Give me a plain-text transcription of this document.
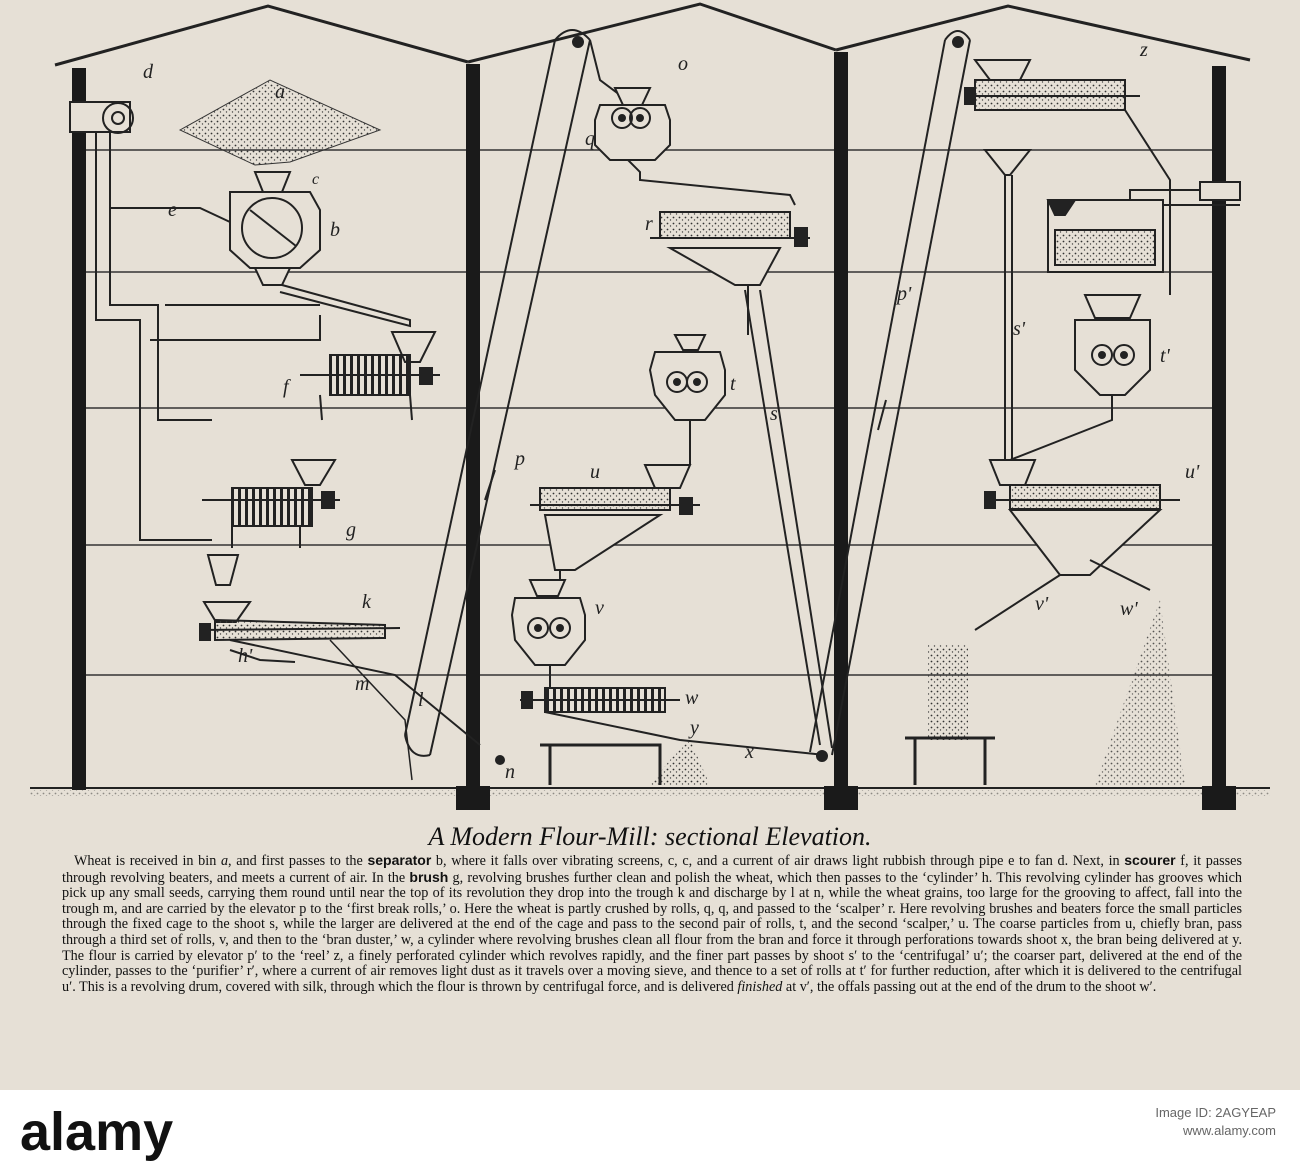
a
d
e
b
c
f
g
k
h'
m
l
n
p
o
q
r
s
t
u
v
w
y
x
p'
z
s'
t'
u'
v'	w'
A Modern Flour-Mill: sectional Elevation.
Wheat is received in bin a, and first passes to the separator b, where it falls over vibrating screens, c, c, and a current of air draws light rubbish through pipe e to fan d. Next, in scourer f, it passes through revolving beaters, and meets a current of air. In the brush g, revolving brushes further clean and polish the wheat, which then passes to the ‘cylinder’ h. This revolving cylinder has grooves which pick up any small seeds, carrying them round until near the top of its revolution they drop into the trough k and discharge by l at n, while the wheat grains, too large for the grooving to affect, fall into the trough m, and are carried by the elevator p to the ‘first break rolls,’ o. Here the wheat is partly crushed by rolls, q, q, and passed to the ‘scalper’ r. Here revolving brushes and beaters force the small particles through the fixed cage to the shoot s, while the larger are delivered at the end of the cage and pass to the second pair of rolls, t, and the second ‘scalper,’ u. The coarse particles from u, chiefly bran, pass through a third set of rolls, v, and then to the ‘bran duster,’ w, a cylinder where revolving brushes clean all flour from the bran and force it through perforations towards shoot x, the bran being delivered at y. The flour is carried by elevator p′ to the ‘reel’ z, a finely perforated cylinder which revolves rapidly, and the finer part passes by shoot s′ to the ‘centrifugal’ u′; the coarser part, delivered at the end of the cylinder, passes to the ‘purifier’ r′, where a current of air removes light dust as it travels over a moving sieve, and thence to a set of rolls at t′ for further reduction, after which it is delivered to the centrifugal u′. This is a revolving drum, covered with silk, through which the flour is thrown by centrifugal force, and is delivered finished at v′, the offals passing out at the end of the drum to the shoot w′.
alamy	Image ID: 2AGYEAP
www.alamy.com
